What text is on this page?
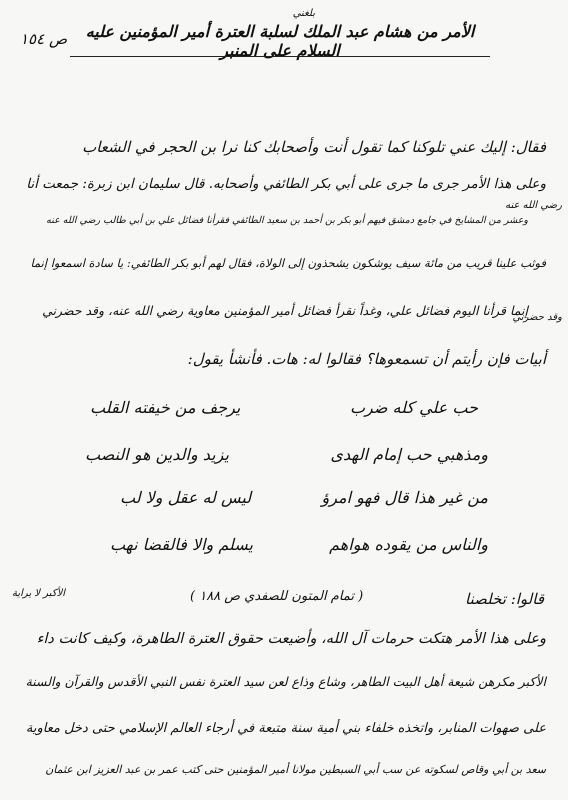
ص ١٥٤
بلغني
الأمر من هشام عبد الملك لسلبة العترة أمير المؤمنين عليه السلام على المنبر
فقال: إليك عني تلوكنا كما تقول أنت وأصحابك كنا نرا بن الحجر في الشعاب
وعلى هذا الأمر جرى ما جرى على أبي بكر الطائفي وأصحابه. قال سليمان ابن زبرة: جمعت أنا
وعشر من المشايخ في جامع دمشق فيهم أبو بكر بن أحمد بن سعيد الطائفي فقرأنا فضائل علي بن أبي طالب رضي الله عنه
فوثب علينا قريب من مائة سيف يوشكون يشحذون إلى الولاة، فقال لهم أبو بكر الطائفي: يا سادة اسمعوا إنما
إنما قرأنا اليوم فضائل علي، وغداً نقرأ فضائل أمير المؤمنين معاوية رضي الله عنه، وقد حضرني
أبيات فإن رأيتم أن تسمعوها؟ فقالوا له: هات. فأنشأ يقول:
رضي الله عنه
وقد حضرني
حب علي كله ضرب
يرجف من خيفته القلب
ومذهبي حب إمام الهدى
يزيد والدين هو النصب
من غير هذا قال فهو امرؤ
ليس له عقل ولا لب
والناس من يقوده هواهم
يسلم والا فالقضا نهب
قالوا: تخلصنا
( تمام المتون للصفدي ص ١٨٨ )
الأكبر لا يراية
وعلى هذا الأمر هتكت حرمات آل الله، وأضيعت حقوق العترة الطاهرة، وكيف كانت داء
الأكبر مكرهن شيعة أهل البيت الطاهر، وشاع وذاع لعن سيد العترة نفس النبي الأقدس والقرآن والسنة
على صهوات المنابر، واتخذه خلفاء بني أمية سنة متبعة في أرجاء العالم الإسلامي حتى دخل معاوية
سعد بن أبي وقاص لسكوته عن سب أبي السبطين مولانا أمير المؤمنين حتى كتب عمر بن عبد العزيز ابن عثمان
